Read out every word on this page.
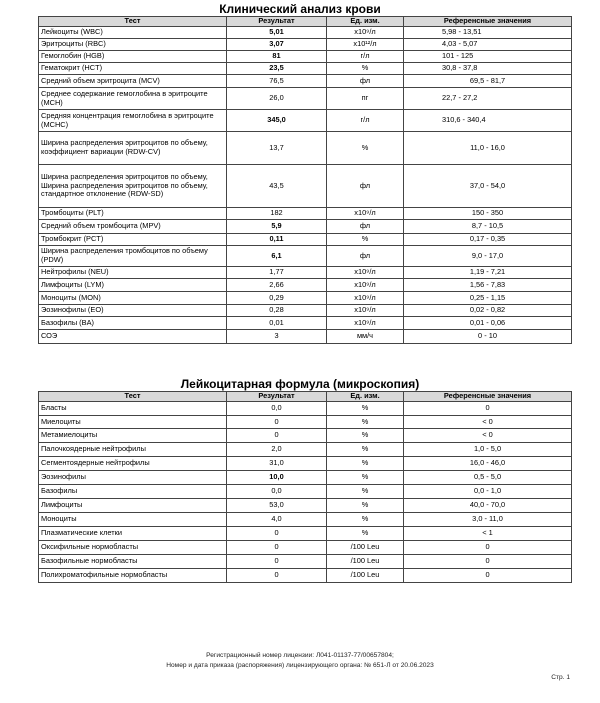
Клинический анализ крови
Тест	Результат	Ед. изм.	Референсные значения
Лейкоциты (WBC)	5,01	x10⁹/л	5,98 - 13,51
Эритроциты (RBC)	3,07	x10¹²/л	4,03 - 5,07
Гемоглобин (HGB)	81	г/л	101 - 125
Гематокрит (HCT)	23,5	%	30,8 - 37,8
Средний объем эритроцита (MCV)	76,5	фл	69,5 - 81,7
Среднее содержание гемоглобина в эритроците (MCH)	26,0	пг	22,7 - 27,2
Средняя концентрация гемоглобина в эритроците (MCHC)	345,0	г/л	310,6 - 340,4
Ширина распределения эритроцитов по объему, коэффициент вариации (RDW-CV)	13,7	%	11,0 - 16,0
Ширина распределения эритроцитов по объему, Ширина распределения эритроцитов по объему, стандартное отклонение (RDW-SD)	43,5	фл	37,0 - 54,0
Тромбоциты (PLT)	182	x10⁹/л	150 - 350
Средний объем тромбоцита (MPV)	5,9	фл	8,7 - 10,5
Тромбокрит (PCT)	0,11	%	0,17 - 0,35
Ширина распределения тромбоцитов по объему (PDW)	6,1	фл	9,0 - 17,0
Нейтрофилы (NEU)	1,77	x10⁹/л	1,19 - 7,21
Лимфоциты (LYM)	2,66	x10⁹/л	1,56 - 7,83
Моноциты (MON)	0,29	x10⁹/л	0,25 - 1,15
Эозинофилы (EO)	0,28	x10⁹/л	0,02 - 0,82
Базофилы (BA)	0,01	x10⁹/л	0,01 - 0,06
СОЭ	3	мм/ч	0 - 10
Лейкоцитарная формула (микроскопия)
Тест	Результат	Ед. изм.	Референсные значения
Бласты	0,0	%	0
Миелоциты	0	%	< 0
Метамиелоциты	0	%	< 0
Палочкоядерные нейтрофилы	2,0	%	1,0 - 5,0
Сегментоядерные нейтрофилы	31,0	%	16,0 - 46,0
Эозинофилы	10,0	%	0,5 - 5,0
Базофилы	0,0	%	0,0 - 1,0
Лимфоциты	53,0	%	40,0 - 70,0
Моноциты	4,0	%	3,0 - 11,0
Плазматические клетки	0	%	< 1
Оксифильные нормобласты	0	/100 Leu	0
Базофильные нормобласты	0	/100 Leu	0
Полихроматофильные нормобласты	0	/100 Leu	0
Регистрационный номер лицензии: Л041-01137-77/00657804;
Номер и дата приказа (распоряжения) лицензирующего органа: № 651-Л от 20.06.2023
Стр. 1
